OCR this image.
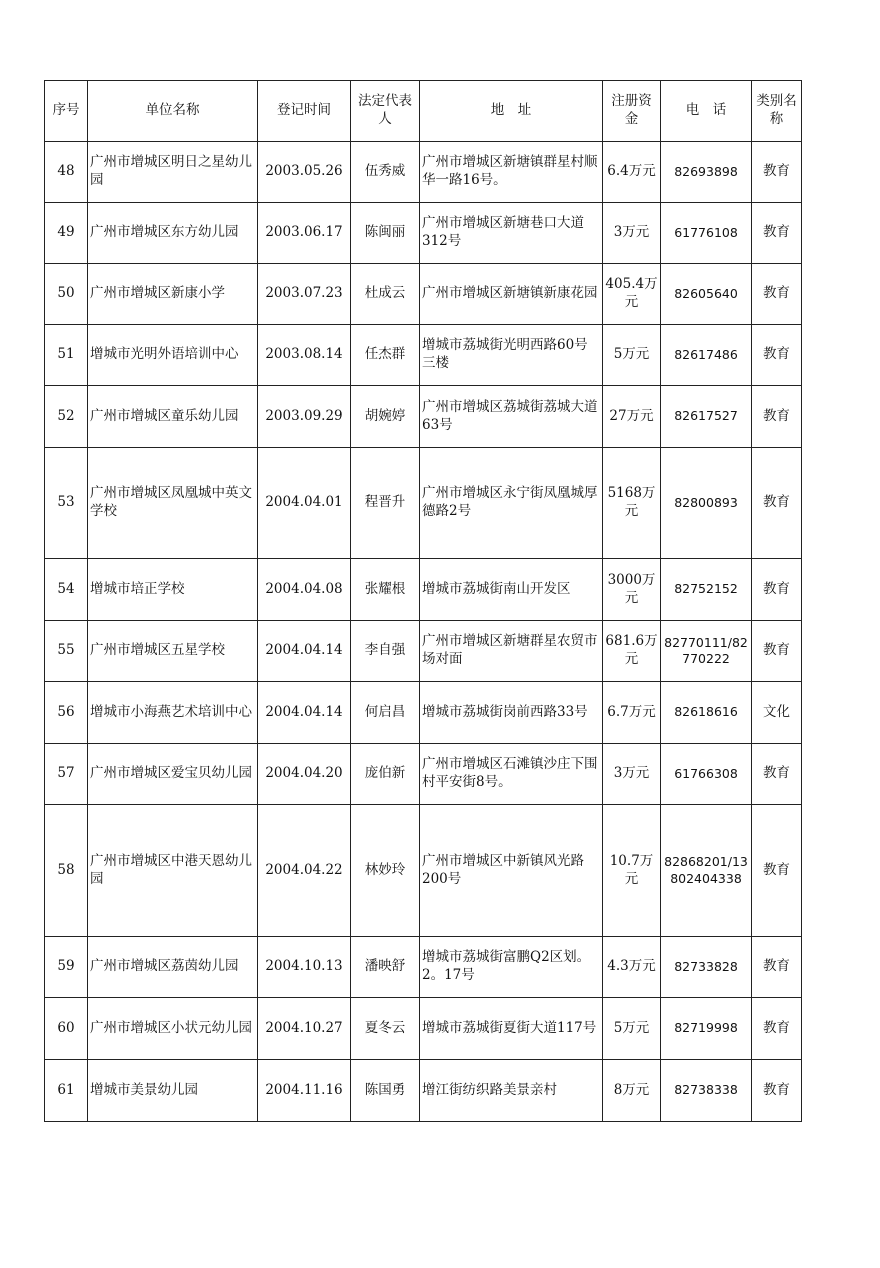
序号	单位名称	登记时间	法定代表人	地　址	注册资金	电　话	类别名称
48	广州市增城区明日之星幼儿园	2003.05.26	伍秀威	广州市增城区新塘镇群星村顺华一路16号。	6.4万元	82693898	教育
49	广州市增城区东方幼儿园	2003.06.17	陈闽丽	广州市增城区新塘巷口大道312号	3万元	61776108	教育
50	广州市增城区新康小学	2003.07.23	杜成云	广州市增城区新塘镇新康花园	405.4万元	82605640	教育
51	增城市光明外语培训中心	2003.08.14	任杰群	增城市荔城街光明西路60号三楼	5万元	82617486	教育
52	广州市增城区童乐幼儿园	2003.09.29	胡婉婷	广州市增城区荔城街荔城大道63号	27万元	82617527	教育
53	广州市增城区凤凰城中英文学校	2004.04.01	程晋升	广州市增城区永宁街凤凰城厚德路2号	5168万元	82800893	教育
54	增城市培正学校	2004.04.08	张耀根	增城市荔城街南山开发区	3000万元	82752152	教育
55	广州市增城区五星学校	2004.04.14	李自强	广州市增城区新塘群星农贸市场对面	681.6万元	82770111/82770222	教育
56	增城市小海燕艺术培训中心	2004.04.14	何启昌	增城市荔城街岗前西路33号	6.7万元	82618616	文化
57	广州市增城区爱宝贝幼儿园	2004.04.20	庞伯新	广州市增城区石滩镇沙庄下围村平安街8号。	3万元	61766308	教育
58	广州市增城区中港天恩幼儿园	2004.04.22	林妙玲	广州市增城区中新镇风光路200号	10.7万元	82868201/13802404338	教育
59	广州市增城区荔茵幼儿园	2004.10.13	潘映舒	增城市荔城街富鹏Q2区划。2。17号	4.3万元	82733828	教育
60	广州市增城区小状元幼儿园	2004.10.27	夏冬云	增城市荔城街夏街大道117号	5万元	82719998	教育
61	增城市美景幼儿园	2004.11.16	陈国勇	增江街纺织路美景亲村	8万元	82738338	教育
